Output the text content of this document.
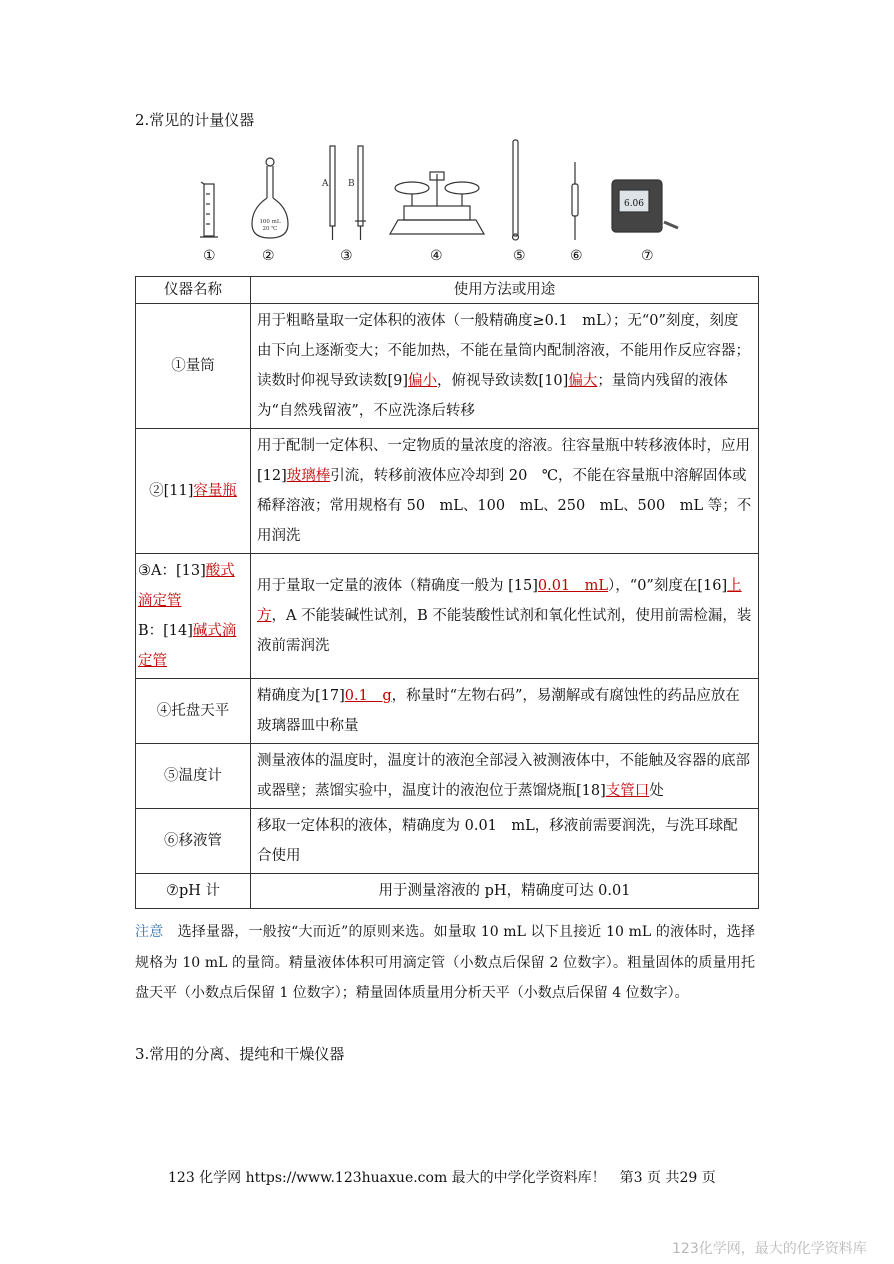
2.常见的计量仪器
100 mL
20 ℃
A B
6.06
①	②	③	④	⑤	⑥	⑦
仪器名称	使用方法或用途
①量筒	用于粗略量取一定体积的液体（一般精确度≥0.1　mL）；无“0”刻度，刻度由下向上逐渐变大；不能加热，不能在量筒内配制溶液，不能用作反应容器；读数时仰视导致读数[9]偏小，俯视导致读数[10]偏大；量筒内残留的液体为“自然残留液”，不应洗涤后转移
②[11]容量瓶	用于配制一定体积、一定物质的量浓度的溶液。往容量瓶中转移液体时，应用[12]玻璃棒引流，转移前液体应冷却到 20　℃，不能在容量瓶中溶解固体或稀释溶液；常用规格有 50　mL、100　mL、250　mL、500　mL 等；不用润洗
③A：[13]酸式滴定管
B：[14]碱式滴定管	用于量取一定量的液体（精确度一般为 [15]0.01　mL），“0”刻度在[16]上方，A 不能装碱性试剂，B 不能装酸性试剂和氧化性试剂，使用前需检漏，装液前需润洗
④托盘天平	精确度为[17]0.1　g，称量时“左物右码”，易潮解或有腐蚀性的药品应放在玻璃器皿中称量
⑤温度计	测量液体的温度时，温度计的液泡全部浸入被测液体中，不能触及容器的底部或器壁；蒸馏实验中，温度计的液泡位于蒸馏烧瓶[18]支管口处
⑥移液管	移取一定体积的液体，精确度为 0.01　mL，移液前需要润洗，与洗耳球配合使用
⑦pH 计	用于测量溶液的 pH，精确度可达 0.01
注意　 选择量器，一般按“大而近”的原则来选。如量取 10 mL 以下且接近 10 mL 的液体时，选择规格为 10 mL 的量筒。精量液体体积可用滴定管（小数点后保留 2 位数字）。粗量固体的质量用托盘天平（小数点后保留 1 位数字）；精量固体质量用分析天平（小数点后保留 4 位数字）。
3.常用的分离、提纯和干燥仪器
123 化学网 https://www.123huaxue.com 最大的中学化学资料库！　第3 页 共29 页
123化学网，最大的化学资料库
